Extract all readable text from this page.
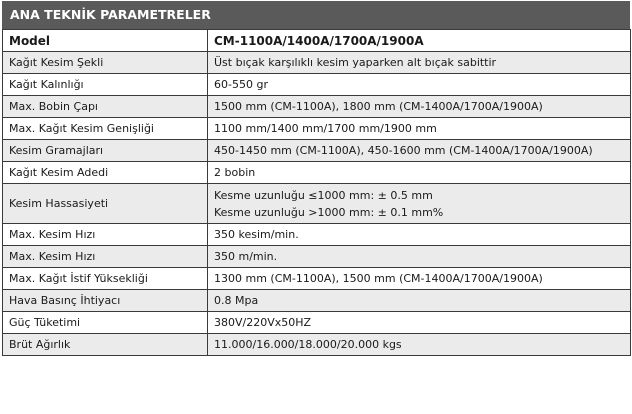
ANA TEKNİK PARAMETRELER
Model	CM-1100A/1400A/1700A/1900A
Kağıt Kesim Şekli	Üst bıçak karşılıklı kesim yaparken alt bıçak sabittir
Kağıt Kalınlığı	60-550 gr
Max. Bobin Çapı	1500 mm (CM-1100A), 1800 mm (CM-1400A/1700A/1900A)
Max. Kağıt Kesim Genişliği	1100 mm/1400 mm/1700 mm/1900 mm
Kesim Gramajları	450-1450 mm (CM-1100A), 450-1600 mm (CM-1400A/1700A/1900A)
Kağıt Kesim Adedi	2 bobin
Kesim Hassasiyeti	Kesme uzunluğu ≤1000 mm: ± 0.5 mm
Kesme uzunluğu >1000 mm: ± 0.1 mm%

Max. Kesim Hızı	350 kesim/min.
Max. Kesim Hızı	350 m/min.
Max. Kağıt İstif Yüksekliği	1300 mm (CM-1100A), 1500 mm (CM-1400A/1700A/1900A)
Hava Basınç İhtiyacı	0.8 Mpa
Güç Tüketimi	380V/220Vx50HZ
Brüt Ağırlık	11.000/16.000/18.000/20.000 kgs
